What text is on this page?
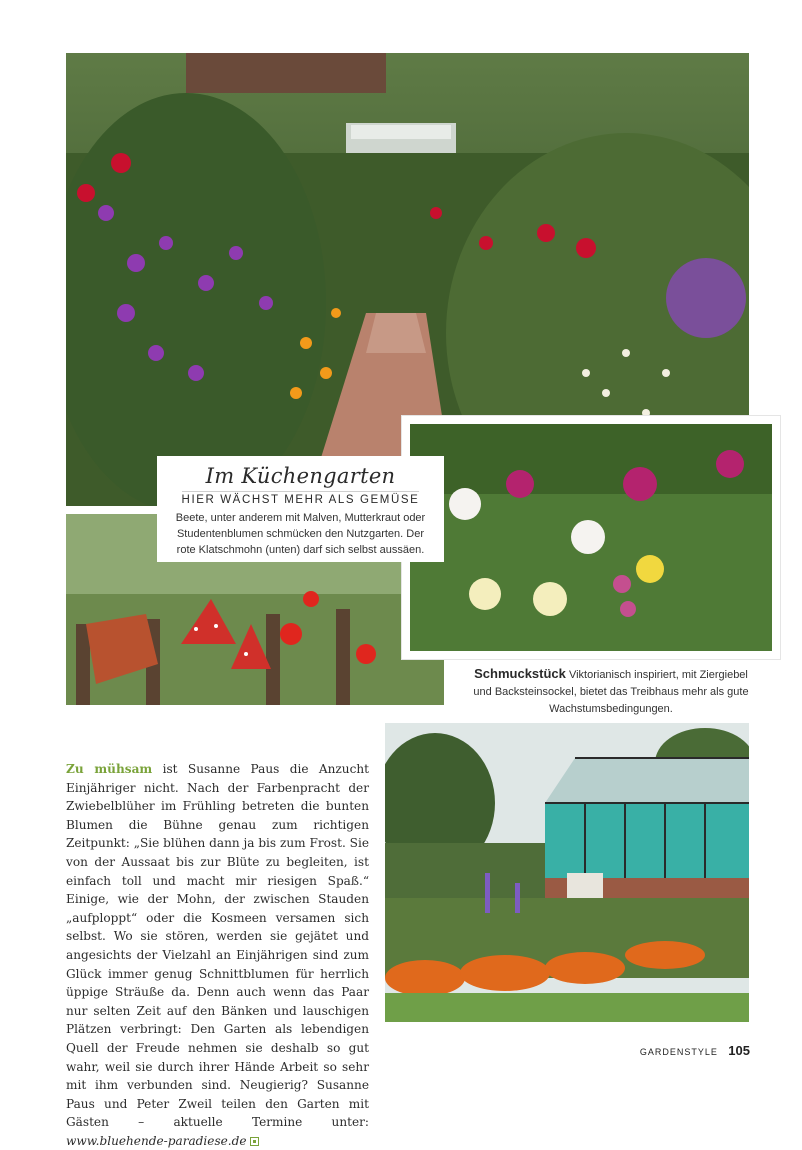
Im Küchengarten
HIER WÄCHST MEHR ALS GEMÜSE
Beete, unter anderem mit Malven, Mutterkraut oder Studentenblumen schmücken den Nutzgarten. Der rote Klatschmohn (unten) darf sich selbst aussäen.
Schmuckstück Viktorianisch inspiriert, mit Ziergiebel und Backsteinsockel, bietet das Treibhaus mehr als gute Wachstumsbedingungen.
Zu mühsam ist Susanne Paus die Anzucht Einjähriger nicht. Nach der Farbenpracht der Zwiebelblüher im Frühling betreten die bunten Blumen die Bühne genau zum richtigen Zeitpunkt: „Sie blühen dann ja bis zum Frost. Sie von der Aussaat bis zur Blüte zu begleiten, ist einfach toll und macht mir riesigen Spaß.“ Einige, wie der Mohn, der zwischen Stauden „aufploppt“ oder die Kosmeen versamen sich selbst. Wo sie stören, werden sie gejätet und angesichts der Vielzahl an Einjährigen sind zum Glück immer genug Schnittblumen für herrlich üppige Sträuße da. Denn auch wenn das Paar nur selten Zeit auf den Bänken und lauschigen Plätzen verbringt: Den Garten als lebendigen Quell der Freude nehmen sie deshalb so gut wahr, weil sie durch ihrer Hände Arbeit so sehr mit ihm verbunden sind. Neugierig? Susanne Paus und Peter Zweil teilen den Garten mit Gästen – aktuelle Termine unter: www.bluehende-paradiese.de
GARDENSTYLE 105
